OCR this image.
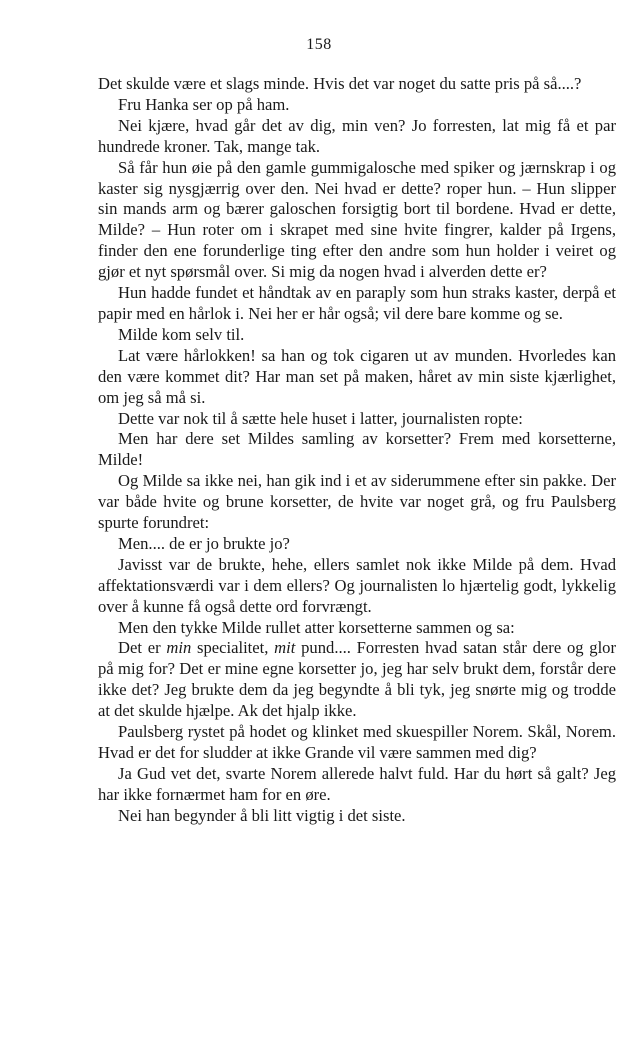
158

Det skulde være et slags minde. Hvis det var noget du satte pris på så....?

Fru Hanka ser op på ham.

Nei kjære, hvad går det av dig, min ven? Jo forresten, lat mig få et par hundrede kroner. Tak, mange tak.

Så får hun øie på den gamle gummigalosche med spiker og jærnskrap i og kaster sig nysgjærrig over den. Nei hvad er dette? roper hun. – Hun slipper sin mands arm og bærer galoschen forsigtig bort til bordene. Hvad er dette, Milde? – Hun roter om i skrapet med sine hvite fingrer, kalder på Irgens, finder den ene forunderlige ting efter den andre som hun holder i veiret og gjør et nyt spørsmål over. Si mig da nogen hvad i alverden dette er?

Hun hadde fundet et håndtak av en paraply som hun straks kaster, derpå et papir med en hårlok i. Nei her er hår også; vil dere bare komme og se.

Milde kom selv til.

Lat være hårlokken! sa han og tok cigaren ut av munden. Hvorledes kan den være kommet dit? Har man set på maken, håret av min siste kjærlighet, om jeg så må si.

Dette var nok til å sætte hele huset i latter, journalisten ropte:

Men har dere set Mildes samling av korsetter? Frem med korsetterne, Milde!

Og Milde sa ikke nei, han gik ind i et av siderummene efter sin pakke. Der var både hvite og brune korsetter, de hvite var noget grå, og fru Paulsberg spurte forundret:

Men.... de er jo brukte jo?

Javisst var de brukte, hehe, ellers samlet nok ikke Milde på dem. Hvad affektationsværdi var i dem ellers? Og journalisten lo hjærtelig godt, lykkelig over å kunne få også dette ord forvrængt.

Men den tykke Milde rullet atter korsetterne sammen og sa:

Det er min specialitet, mit pund.... Forresten hvad satan står dere og glor på mig for? Det er mine egne korsetter jo, jeg har selv brukt dem, forstår dere ikke det? Jeg brukte dem da jeg begyndte å bli tyk, jeg snørte mig og trodde at det skulde hjælpe. Ak det hjalp ikke.

Paulsberg rystet på hodet og klinket med skuespiller Norem. Skål, Norem. Hvad er det for sludder at ikke Grande vil være sammen med dig?

Ja Gud vet det, svarte Norem allerede halvt fuld. Har du hørt så galt? Jeg har ikke fornærmet ham for en øre.

Nei han begynder å bli litt vigtig i det siste.
